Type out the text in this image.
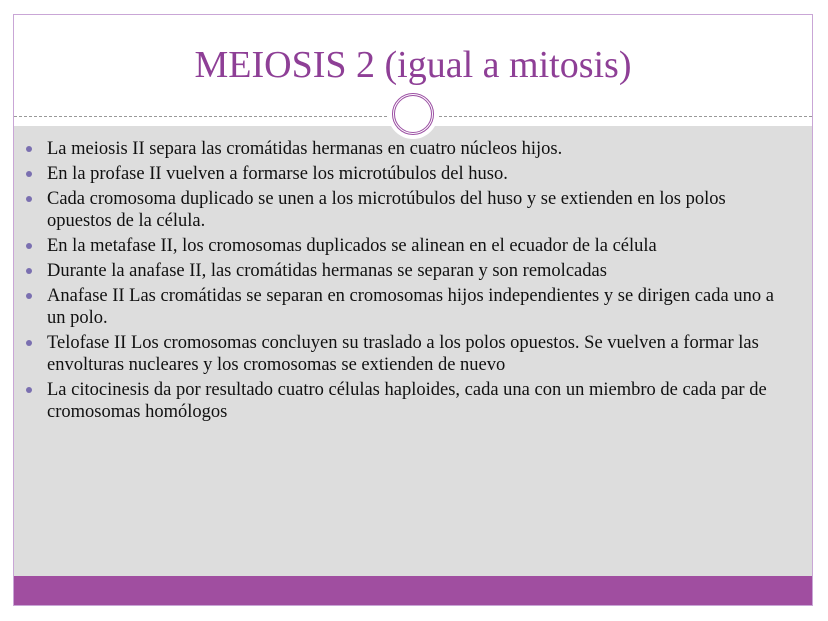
MEIOSIS 2 (igual a mitosis)
La meiosis II separa las cromátidas hermanas en cuatro núcleos hijos.
En la profase II vuelven a formarse los microtúbulos del huso.
Cada cromosoma duplicado se unen a los microtúbulos del huso y se extienden en los polos opuestos de la célula.
En la metafase II, los cromosomas duplicados se alinean en el ecuador de la célula
Durante la anafase II, las cromátidas hermanas se separan y son remolcadas
Anafase II Las cromátidas se separan en cromosomas hijos independientes y se dirigen cada uno a un polo.
Telofase II Los cromosomas concluyen su traslado a los polos opuestos. Se vuelven a formar las envolturas nucleares y los cromosomas se extienden de nuevo
La citocinesis da por resultado cuatro células haploides, cada una con un miembro de cada par de cromosomas homólogos
